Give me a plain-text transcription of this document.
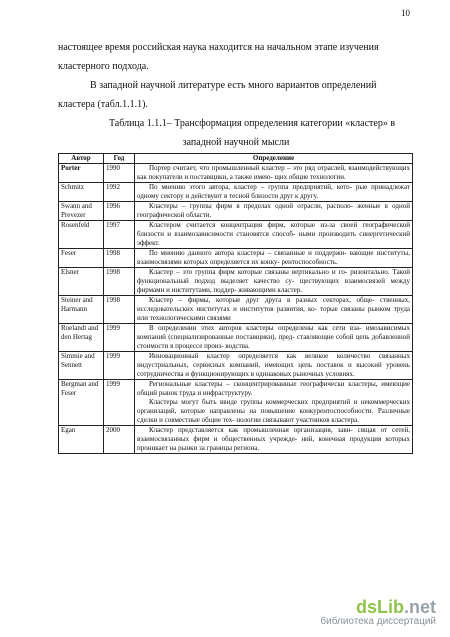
10

настоящее время российская наука находится на начальном этапе изучения

кластерного подхода.

В западной научной литературе есть много вариантов определений

кластера (табл.1.1.1).

Таблица 1.1.1– Трансформация определения категории «кластер» в
западной научной мысли
Автор	Год	Определение
Porter	1990	Портер считает, что промышленный кластер – это ряд отраслей, взаимодействующих как покупатели и поставщики, а также имею- щих общие технологии.

Schmitz	1992	По мнению этого автора, кластер – группа предприятий, кото- рые принадлежат одному сектору и действуют в тесной близости друг к другу.

Swann and Prevezer	1996	Кластеры – группы фирм в пределах одной отрасли, располо- женные в одной географической области.

Rosenfeld	1997	Кластером считается концентрация фирм, которые из-за своей географической близости и взаимозависимости становятся способ- ными производить синергетический эффект.

Feser	1998	По мнению данного автора кластеры – связанные и поддержи- вающие институты, взаимосвязями которых определяется их конку- рентоспособность.

Elsner	1998	Кластер – это группа фирм которые связаны вертикально и го- ризонтально. Такой функциональный подход выделяет качество су- ществующих взаимосвязей между фирмами и институтами, поддер- живающими кластер.

Steiner and Harmann	1998	Кластер – фирмы, которые друг друга в разных секторах, обще- ственных, исследовательских институтах и институтов развития, ко- торые связаны рынком труда или технологическими связями

Roelandt and den Hertag	1999	В определении этих авторов кластеры определены как сети вза- имозависимых компаний (специализированные поставщики), пред- ставляющие собой цепь добавленной стоимости в процессе произ- водства.

Simmie and Sennett	1999	Инновационный кластер определяется как великое количество связанных индустриальных, сервисных компаний, имеющих цепь поставок и высокий уровень сотрудничества и функционирующих в одинаковых рыночных условиях.

Bergman and Feser	1999	Региональные кластеры – сконцентрированные географически кластеры, имеющие общий рынок труда и инфраструктуру.

Кластеры могут быть ввиде группы коммерческих предприятий и некоммерческих организаций, которые направлены на повышение конкурентоспособности. Различные сделки и совместные общие тех- нологии связывают участников кластера.

Egan	2000	Кластер представляется как промышленная организация, зави- сящая от сетей, взаимосвязанных фирм и общественных учрежде- ний, конечная продукция которых проникает на рынки за границы региона.

dsLib.net
библиотека диссертаций
